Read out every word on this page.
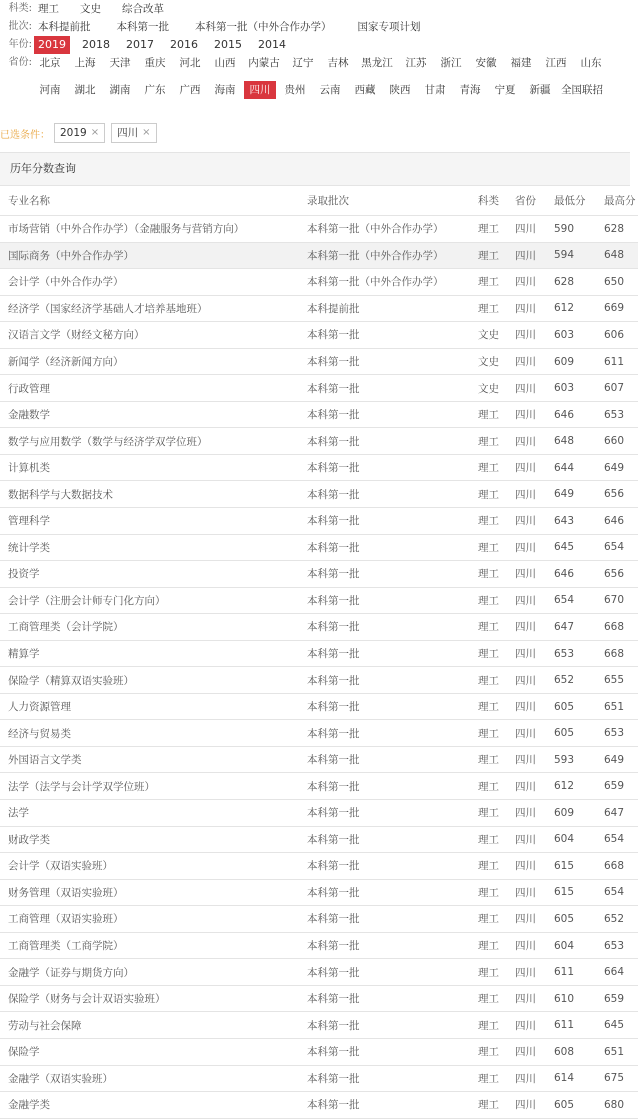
科类: 理工	文史	综合改革
批次: 本科提前批	本科第一批	本科第一批（中外合作办学）	国家专项计划
年份: 2019	2018	2017	2016	2015	2014
省份: 北京	上海	天津	重庆	河北	山西	内蒙古	辽宁	吉林	黑龙江	江苏	浙江	安徽	福建	江西	山东
河南	湖北	湖南	广东	广西	海南	四川	贵州	云南	西藏	陕西	甘肃	青海	宁夏	新疆	全国联招
已选条件： 2019 × 四川 ×
历年分数查询
专业名称	录取批次	科类	省份	最低分	最高分
市场营销（中外合作办学）（金融服务与营销方向）	本科第一批（中外合作办学）	理工	四川	590	628
国际商务（中外合作办学）	本科第一批（中外合作办学）	理工	四川	594	648
会计学（中外合作办学）	本科第一批（中外合作办学）	理工	四川	628	650
经济学（国家经济学基础人才培养基地班）	本科提前批	理工	四川	612	669
汉语言文学（财经文秘方向）	本科第一批	文史	四川	603	606
新闻学（经济新闻方向）	本科第一批	文史	四川	609	611
行政管理	本科第一批	文史	四川	603	607
金融数学	本科第一批	理工	四川	646	653
数学与应用数学（数学与经济学双学位班）	本科第一批	理工	四川	648	660
计算机类	本科第一批	理工	四川	644	649
数据科学与大数据技术	本科第一批	理工	四川	649	656
管理科学	本科第一批	理工	四川	643	646
统计学类	本科第一批	理工	四川	645	654
投资学	本科第一批	理工	四川	646	656
会计学（注册会计师专门化方向）	本科第一批	理工	四川	654	670
工商管理类（会计学院）	本科第一批	理工	四川	647	668
精算学	本科第一批	理工	四川	653	668
保险学（精算双语实验班）	本科第一批	理工	四川	652	655
人力资源管理	本科第一批	理工	四川	605	651
经济与贸易类	本科第一批	理工	四川	605	653
外国语言文学类	本科第一批	理工	四川	593	649
法学（法学与会计学双学位班）	本科第一批	理工	四川	612	659
法学	本科第一批	理工	四川	609	647
财政学类	本科第一批	理工	四川	604	654
会计学（双语实验班）	本科第一批	理工	四川	615	668
财务管理（双语实验班）	本科第一批	理工	四川	615	654
工商管理（双语实验班）	本科第一批	理工	四川	605	652
工商管理类（工商学院）	本科第一批	理工	四川	604	653
金融学（证券与期货方向）	本科第一批	理工	四川	611	664
保险学（财务与会计双语实验班）	本科第一批	理工	四川	610	659
劳动与社会保障	本科第一批	理工	四川	611	645
保险学	本科第一批	理工	四川	608	651
金融学（双语实验班）	本科第一批	理工	四川	614	675
金融学类	本科第一批	理工	四川	605	680
